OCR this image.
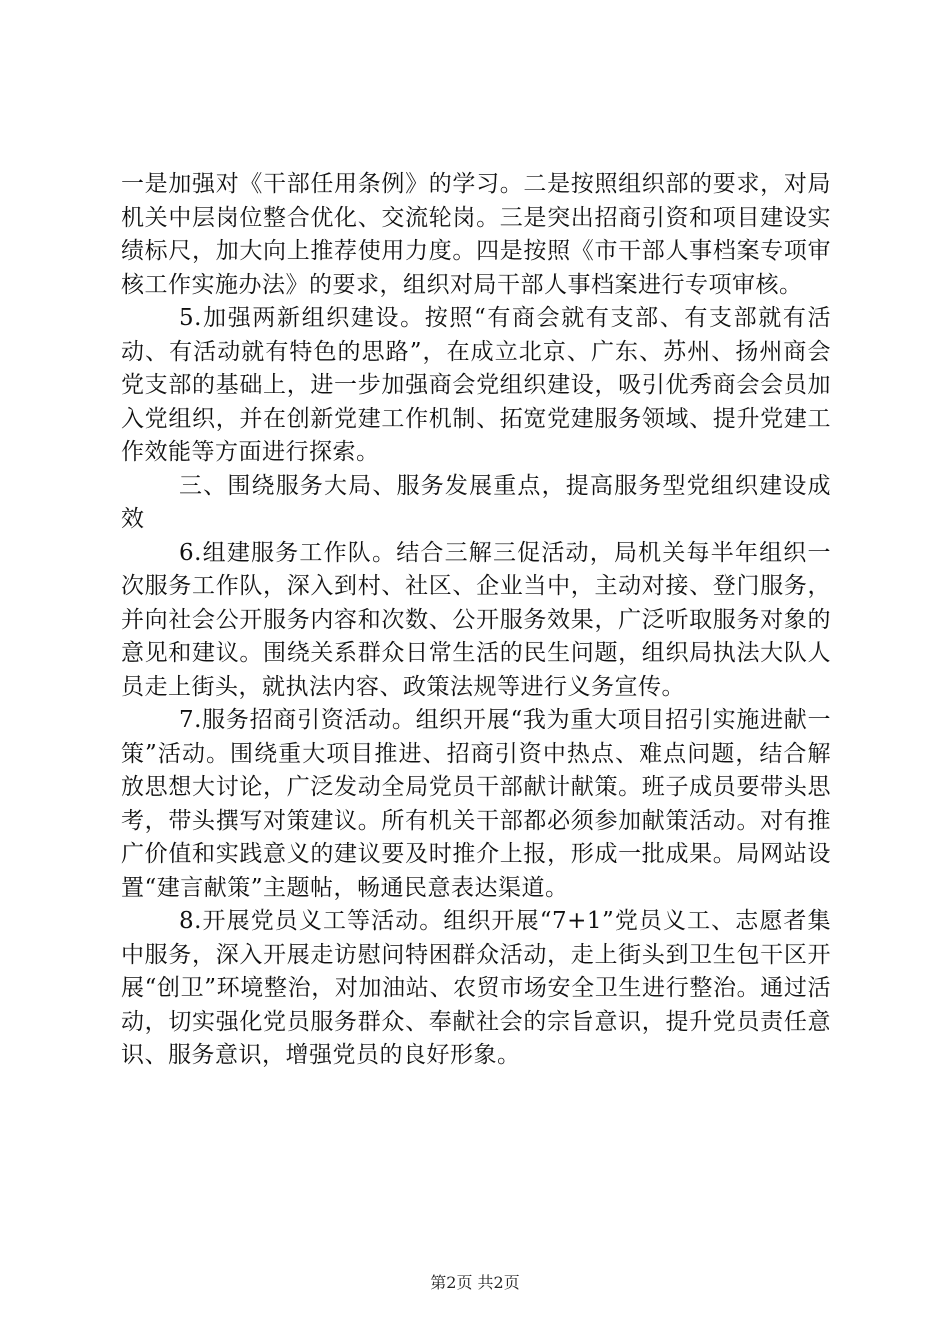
一是加强对《干部任用条例》的学习。二是按照组织部的要求，对局机关中层岗位整合优化、交流轮岗。三是突出招商引资和项目建设实绩标尺，加大向上推荐使用力度。四是按照《市干部人事档案专项审核工作实施办法》的要求，组织对局干部人事档案进行专项审核。

5.加强两新组织建设。按照“有商会就有支部、有支部就有活动、有活动就有特色的思路”，在成立北京、广东、苏州、扬州商会党支部的基础上，进一步加强商会党组织建设，吸引优秀商会会员加入党组织，并在创新党建工作机制、拓宽党建服务领域、提升党建工作效能等方面进行探索。

三、围绕服务大局、服务发展重点，提高服务型党组织建设成效

6.组建服务工作队。结合三解三促活动，局机关每半年组织一次服务工作队，深入到村、社区、企业当中，主动对接、登门服务，并向社会公开服务内容和次数、公开服务效果，广泛听取服务对象的意见和建议。围绕关系群众日常生活的民生问题，组织局执法大队人员走上街头，就执法内容、政策法规等进行义务宣传。

7.服务招商引资活动。组织开展“我为重大项目招引实施进献一策”活动。围绕重大项目推进、招商引资中热点、难点问题，结合解放思想大讨论，广泛发动全局党员干部献计献策。班子成员要带头思考，带头撰写对策建议。所有机关干部都必须参加献策活动。对有推广价值和实践意义的建议要及时推介上报，形成一批成果。局网站设置“建言献策”主题帖，畅通民意表达渠道。

8.开展党员义工等活动。组织开展“7+1”党员义工、志愿者集中服务，深入开展走访慰问特困群众活动，走上街头到卫生包干区开展“创卫”环境整治，对加油站、农贸市场安全卫生进行整治。通过活动，切实强化党员服务群众、奉献社会的宗旨意识，提升党员责任意识、服务意识，增强党员的良好形象。

第2页 共2页
